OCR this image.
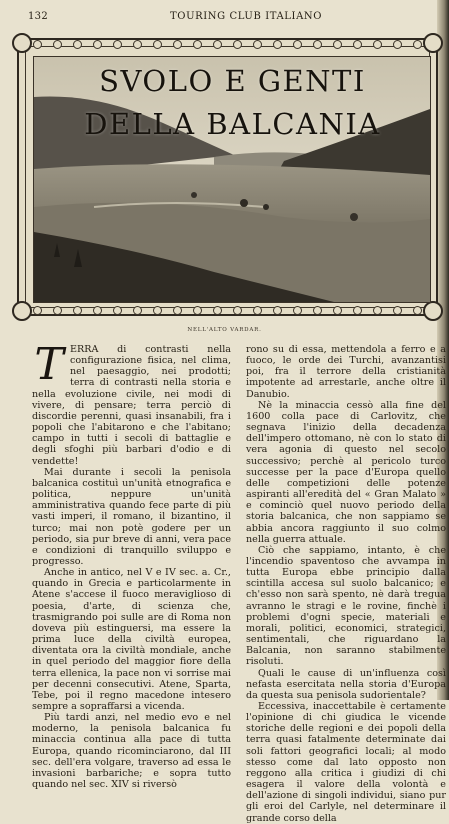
132	TOURING CLUB ITALIANO
SVOLO E GENTI DELLA BALCANIA
NELL'ALTO VARDAR.
T ERRA di contrasti nella configurazione fisica, nel clima, nel paesaggio, nei prodotti; terra di contrasti nella storia e nella evoluzione civile, nei modi di vivere, di pensare; terra perciò di discordie perenni, quasi insanabili, fra i popoli che l'abitarono e che l'abitano; campo in tutti i secoli di battaglie e degli sfoghi più barbari d'odio e di vendette!

Mai durante i secoli la penisola balcanica costituì un'unità etnografica e politica, neppure un'unità amministrativa quando fece parte di più vasti imperi, il romano, il bizantino, il turco; mai non potè godere per un periodo, sia pur breve di anni, vera pace e condizioni di tranquillo sviluppo e progresso.

Anche in antico, nel V e IV sec. a. Cr., quando in Grecia e particolarmente in Atene s'accese il fuoco meraviglioso di poesia, d'arte, di scienza che, trasmigrando poi sulle are di Roma non doveva più estinguersi, ma essere la prima luce della civiltà europea, diventata ora la civiltà mondiale, anche in quel periodo del maggior fiore della terra ellenica, la pace non vi sorrise mai per decenni consecutivi. Atene, Sparta, Tebe, poi il regno macedone intesero sempre a sopraffarsi a vicenda.

Più tardi anzi, nel medio evo e nel moderno, la penisola balcanica fu minaccia continua alla pace di tutta Europa, quando ricominciarono, dal III sec. dell'era volgare, traverso ad essa le invasioni barbariche; e sopra tutto quando nel sec. XIV si riversò

rono su di essa, mettendola a ferro e a fuoco, le orde dei Turchi, avanzantisi poi, fra il terrore della cristianità impotente ad arrestarle, anche oltre il Danubio.

Nè la minaccia cessò alla fine del 1600 colla pace di Carlovitz, che segnava l'inizio della decadenza dell'impero ottomano, nè con lo stato di vera agonia di questo nel secolo successivo; perchè al pericolo turco successe per la pace d'Europa quello delle competizioni delle potenze aspiranti all'eredità del « Gran Malato » e cominciò quel nuovo periodo della storia balcanica, che non sappiamo se abbia ancora raggiunto il suo colmo nella guerra attuale.

Ciò che sappiamo, intanto, è che l'incendio spaventoso che avvampa in tutta Europa ebbe principio dalla scintilla accesa sul suolo balcanico; e ch'esso non sarà spento, nè darà tregua avranno le stragi e le rovine, finchè i problemi d'ogni specie, materiali e morali, politici, economici, strategici, sentimentali, che riguardano la Balcania, non saranno stabilmente risoluti.

Quali le cause di un'influenza così nefasta esercitata nella storia d'Europa da questa sua penisola sudorientale?

Eccessiva, inaccettabile è certamente l'opinione di chi giudica le vicende storiche delle regioni e dei popoli della terra quasi fatalmente determinate dai soli fattori geografici locali; al modo stesso come dal lato opposto non reggono alla critica i giudizi di chi esagera il valore della volontà e dell'azione di singoli individui, siano pur gli eroi del Carlyle, nel determinare il grande corso della
